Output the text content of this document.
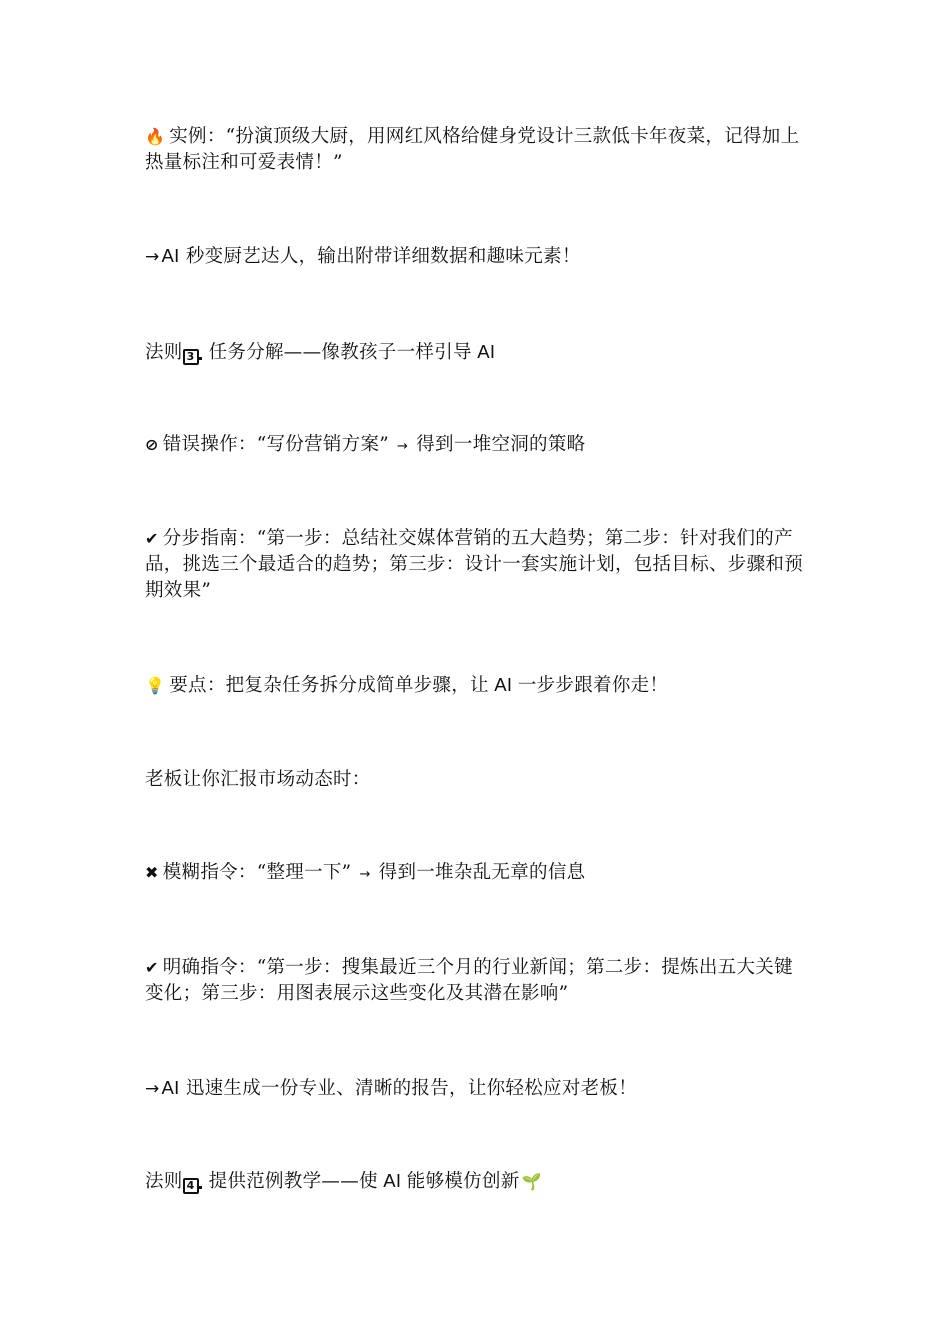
🔥 实例：“扮演顶级大厨，用网红风格给健身党设计三款低卡年夜菜，记得加上热量标注和可爱表情！”

→ AI 秒变厨艺达人，输出附带详细数据和趣味元素！

法则 3 任务分解——像教孩子一样引导 AI

⊘ 错误操作：“写份营销方案” → 得到一堆空洞的策略

✔ 分步指南：“第一步：总结社交媒体营销的五大趋势；第二步：针对我们的产品，挑选三个最适合的趋势；第三步：设计一套实施计划，包括目标、步骤和预期效果”

💡 要点：把复杂任务拆分成简单步骤，让 AI 一步步跟着你走！

老板让你汇报市场动态时：

✖ 模糊指令：“整理一下” → 得到一堆杂乱无章的信息

✔ 明确指令：“第一步：搜集最近三个月的行业新闻；第二步：提炼出五大关键变化；第三步：用图表展示这些变化及其潜在影响”

→ AI 迅速生成一份专业、清晰的报告，让你轻松应对老板！

法则 4 提供范例教学——使 AI 能够模仿创新 🌱
